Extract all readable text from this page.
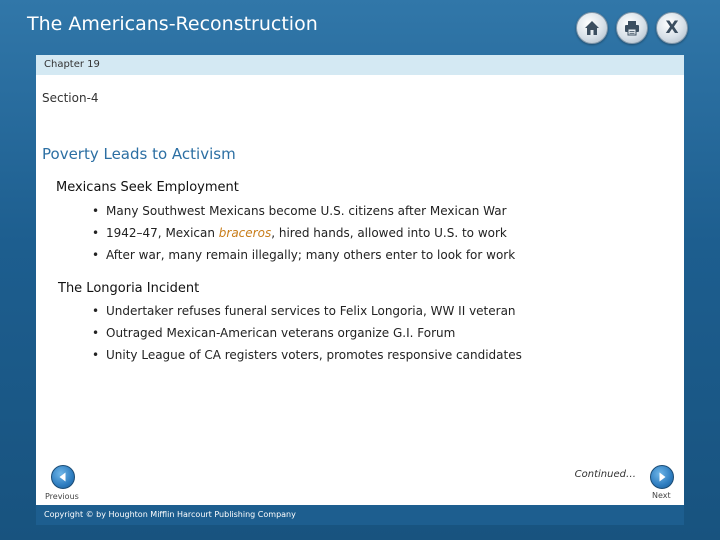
The Americans-Reconstruction	X
Chapter 19
Section-4
Poverty Leads to Activism
Mexicans Seek Employment
• Many Southwest Mexicans become U.S. citizens after Mexican War
• 1942–47, Mexican braceros, hired hands, allowed into U.S. to work
• After war, many remain illegally; many others enter to look for work
The Longoria Incident
• Undertaker refuses funeral services to Felix Longoria, WW II veteran
• Outraged Mexican-American veterans organize G.I. Forum
• Unity League of CA registers voters, promotes responsive candidates
Continued…
Previous	Next
Copyright © by Houghton Mifflin Harcourt Publishing Company
